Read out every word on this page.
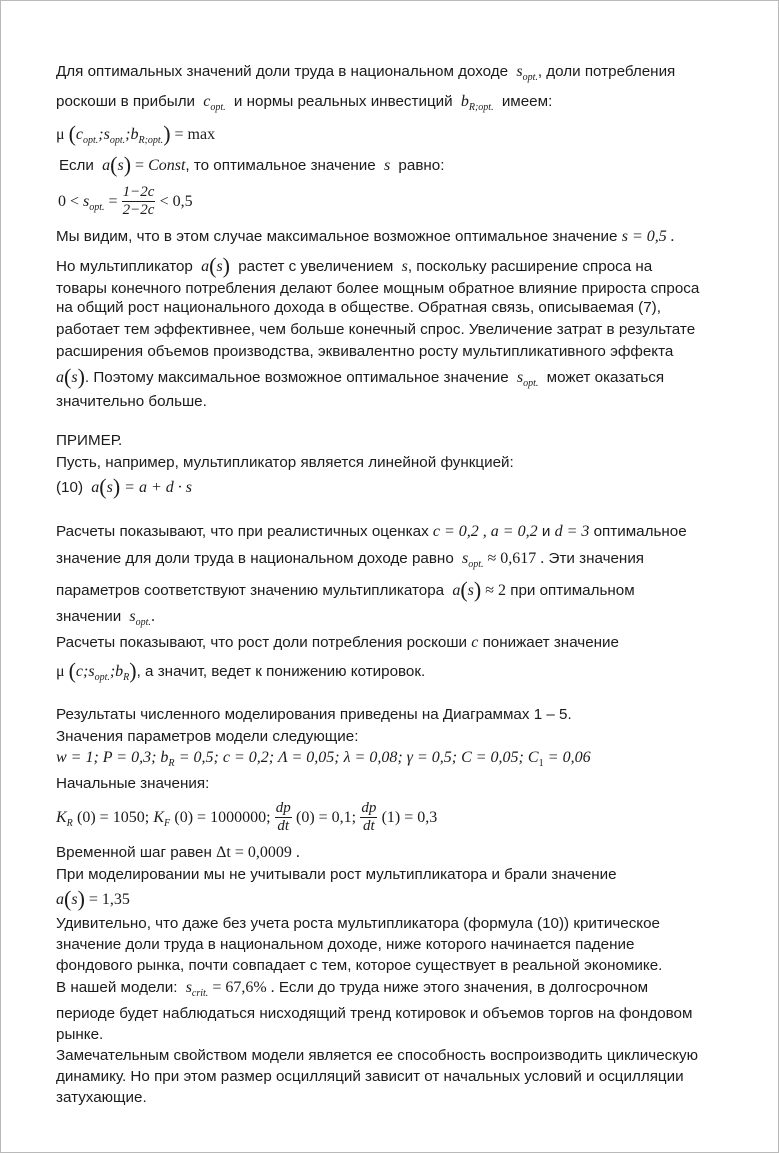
Для оптимальных значений доли труда в национальном доходе  $s_{opt.}$, доли потребления
роскоши в прибыли  $c_{opt.}$ и нормы реальных инвестиций  $b_{R;opt.}$ имеем:
μ $(c_{opt.};s_{opt.};b_{R;opt.}) = \max$
Если a(s) = Const, то оптимальное значение  s  равно:
$0 < s_{opt.} = \frac{1-2c}{2-2c} < 0,5$
Мы видим, что в этом случае максимальное возможное оптимальное значение s = 0,5 .
Но мультипликатор a(s) растет с увеличением  s, поскольку расширение спроса на
товары конечного потребления делают более мощным обратное влияние прироста спроса
на общий рост национального дохода в обществе. Обратная связь, описываемая (7),
работает тем эффективнее, чем больше конечный спрос. Увеличение затрат в результате
расширения объемов производства, эквивалентно росту мультипликативного эффекта
a(s). Поэтому максимальное возможное оптимальное значение  $s_{opt.}$ может оказаться
значительно больше.
ПРИМЕР.
Пусть, например, мультипликатор является линейной функцией:
(10) a(s) = a + d · s
Расчеты показывают, что при реалистичных оценках c = 0,2 , a = 0,2 и d = 3 оптимальное
значение для доли труда в национальном доходе равно  $s_{opt.} \approx 0,617$ . Эти значения
параметров соответствуют значению мультипликатора a(s) ≈ 2 при оптимальном
значении  $s_{opt.}$.
Расчеты показывают, что рост доли потребления роскоши c понижает значение
μ $(c;s_{opt.};b_R)$, а значит, ведет к понижению котировок.
Результаты численного моделирования приведены на Диаграммах 1 – 5.
Значения параметров модели следующие:
w = 1; P = 0,3; $b_R = 0,5$; c = 0,2; Λ = 0,05; λ = 0,08; γ = 0,5; C = 0,05; $C_1 = 0,06$
Начальные значения:
$K_R$ (0) = 1050; $K_F$ (0) = 1000000; $\frac{dp}{dt} (0) = 0,1$; $\frac{dp}{dt} (1) = 0,3$
Временной шаг равен Δt = 0,0009 .
При моделировании мы не учитывали рост мультипликатора и брали значение
a(s) = 1,35
Удивительно, что даже без учета роста мультипликатора (формула (10)) критическое
значение доли труда в национальном доходе, ниже которого начинается падение
фондового рынка, почти совпадает с тем, которое существует в реальной экономике.
В нашей модели:  $s_{crit.} = 67,6\%$ . Если до труда ниже этого значения, в долгосрочном
периоде будет наблюдаться нисходящий тренд котировок и объемов торгов на фондовом
рынке.
Замечательным свойством модели является ее способность воспроизводить циклическую
динамику. Но при этом размер осцилляций зависит от начальных условий и осцилляции
затухающие.
